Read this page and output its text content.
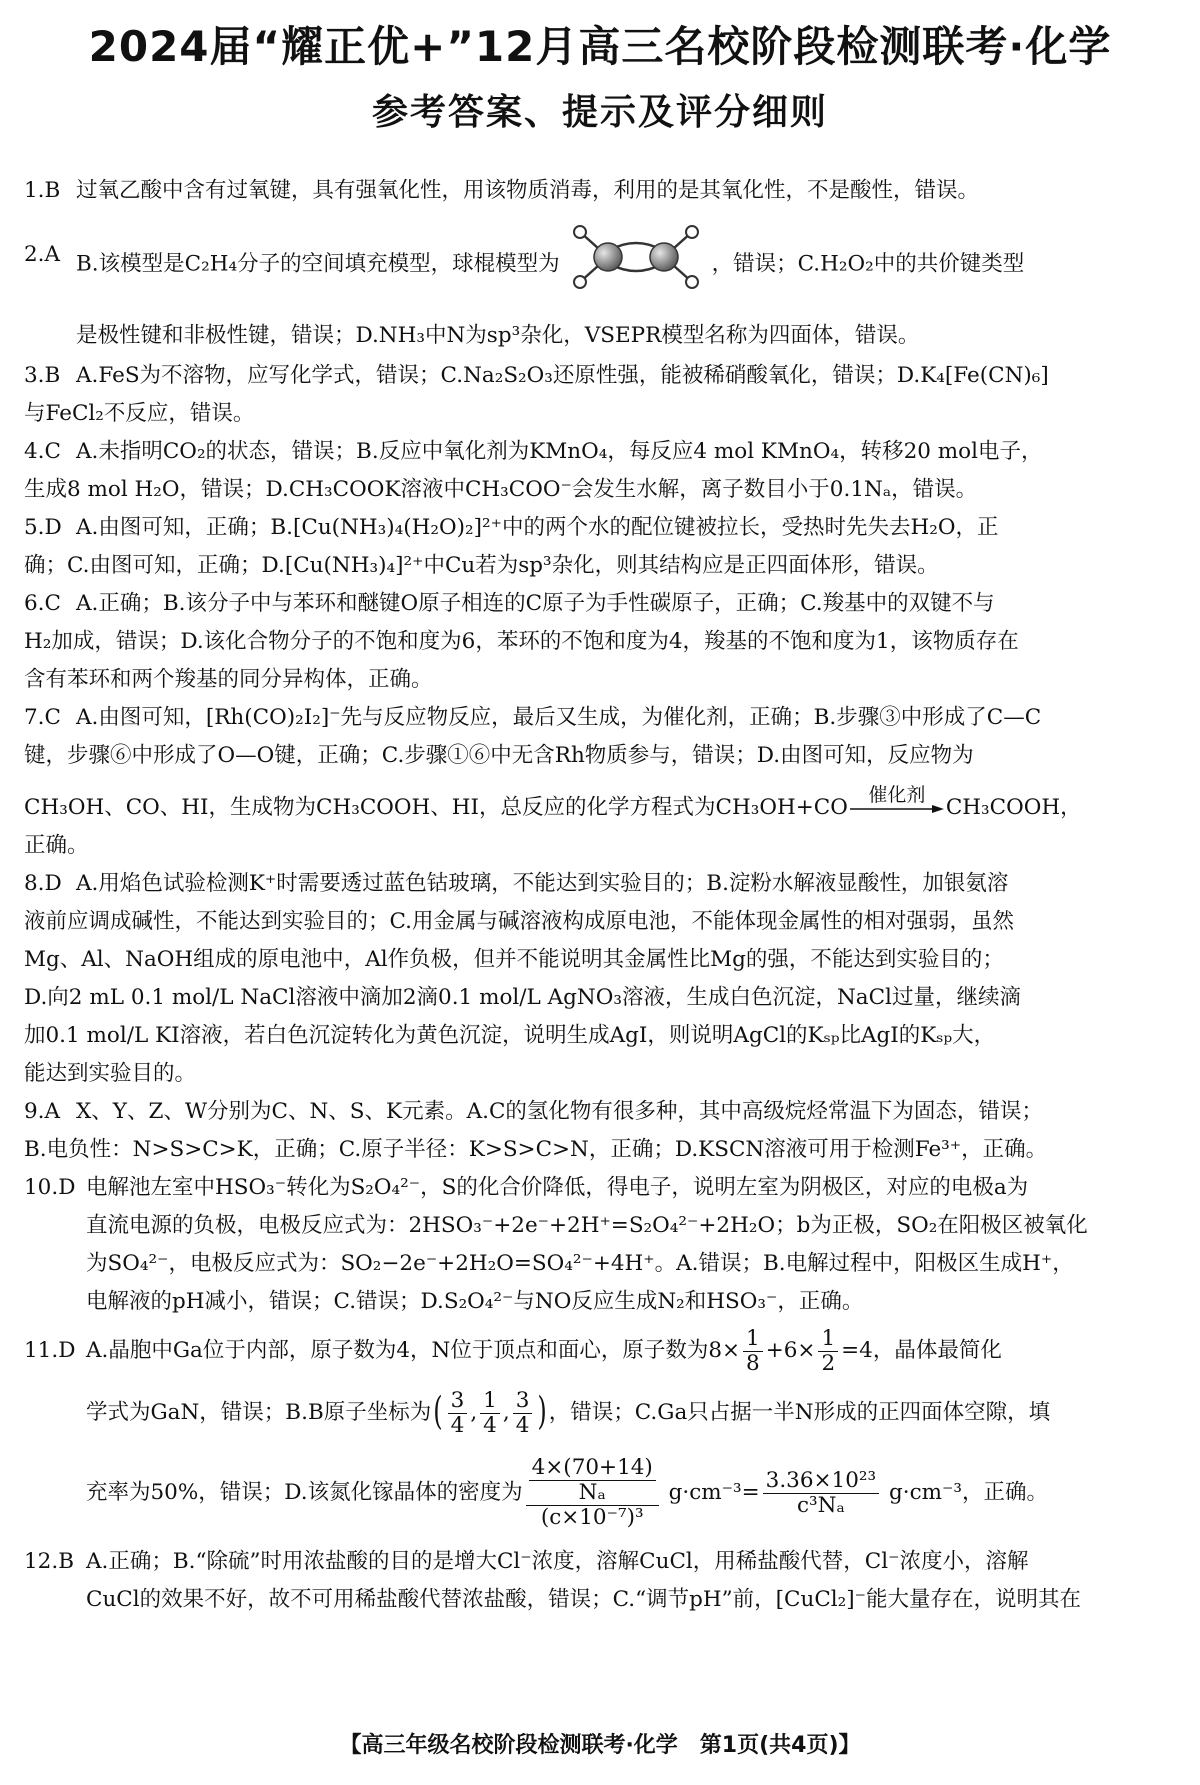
2024届“耀正优+”12月高三名校阶段检测联考·化学
参考答案、提示及评分细则
1.B 过氧乙酸中含有过氧键，具有强氧化性，用该物质消毒，利用的是其氧化性，不是酸性，错误。
2.A B.该模型是C₂H₄分子的空间填充模型，球棍模型为	，错误；C.H₂O₂中的共价键类型
是极性键和非极性键，错误；D.NH₃中N为sp³杂化，VSEPR模型名称为四面体，错误。
3.B A.FeS为不溶物，应写化学式，错误；C.Na₂S₂O₃还原性强，能被稀硝酸氧化，错误；D.K₄[Fe(CN)₆]
与FeCl₂不反应，错误。
4.C A.未指明CO₂的状态，错误；B.反应中氧化剂为KMnO₄，每反应4 mol KMnO₄，转移20 mol电子，
生成8 mol H₂O，错误；D.CH₃COOK溶液中CH₃COO⁻会发生水解，离子数目小于0.1Nₐ，错误。
5.D A.由图可知，正确；B.[Cu(NH₃)₄(H₂O)₂]²⁺中的两个水的配位键被拉长，受热时先失去H₂O，正
确；C.由图可知，正确；D.[Cu(NH₃)₄]²⁺中Cu若为sp³杂化，则其结构应是正四面体形，错误。
6.C A.正确；B.该分子中与苯环和醚键O原子相连的C原子为手性碳原子，正确；C.羧基中的双键不与
H₂加成，错误；D.该化合物分子的不饱和度为6，苯环的不饱和度为4，羧基的不饱和度为1，该物质存在
含有苯环和两个羧基的同分异构体，正确。
7.C A.由图可知，[Rh(CO)₂I₂]⁻先与反应物反应，最后又生成，为催化剂，正确；B.步骤③中形成了C—C
键，步骤⑥中形成了O—O键，正确；C.步骤①⑥中无含Rh物质参与，错误；D.由图可知，反应物为
CH₃OH、CO、HI，生成物为CH₃COOH、HI，总反应的化学方程式为CH₃OH+CO	催化剂 CH₃COOH，
正确。
8.D A.用焰色试验检测K⁺时需要透过蓝色钴玻璃，不能达到实验目的；B.淀粉水解液显酸性，加银氨溶
液前应调成碱性，不能达到实验目的；C.用金属与碱溶液构成原电池，不能体现金属性的相对强弱，虽然
Mg、Al、NaOH组成的原电池中，Al作负极，但并不能说明其金属性比Mg的强，不能达到实验目的；
D.向2 mL 0.1 mol/L NaCl溶液中滴加2滴0.1 mol/L AgNO₃溶液，生成白色沉淀，NaCl过量，继续滴
加0.1 mol/L KI溶液，若白色沉淀转化为黄色沉淀，说明生成AgI，则说明AgCl的Kₛₚ比AgI的Kₛₚ大，
能达到实验目的。
9.A X、Y、Z、W分别为C、N、S、K元素。A.C的氢化物有很多种，其中高级烷烃常温下为固态，错误；
B.电负性：N>S>C>K，正确；C.原子半径：K>S>C>N，正确；D.KSCN溶液可用于检测Fe³⁺，正确。
10.D 电解池左室中HSO₃⁻转化为S₂O₄²⁻，S的化合价降低，得电子，说明左室为阴极区，对应的电极a为
直流电源的负极，电极反应式为：2HSO₃⁻+2e⁻+2H⁺=S₂O₄²⁻+2H₂O；b为正极，SO₂在阳极区被氧化
为SO₄²⁻，电极反应式为：SO₂−2e⁻+2H₂O=SO₄²⁻+4H⁺。A.错误；B.电解过程中，阳极区生成H⁺，
电解液的pH减小，错误；C.错误；D.S₂O₄²⁻与NO反应生成N₂和HSO₃⁻，正确。
11.D A.晶胞中Ga位于内部，原子数为4，N位于顶点和面心，原子数为$8\times \frac{1}{8} +6\times \frac{1}{2} =4$，晶体最简化
学式为GaN，错误；B.B原子坐标为( $\frac{3}{4}$ , $\frac{1}{4}$ , $\frac{3}{4}$ )，错误；C.Ga只占据一半N形成的正四面体空隙，填
充率为50%，错误；D.该氮化镓晶体的密度为 $\frac{\frac{4\times(70+14)}{\text{Nₐ}}}{\text{(c×10⁻⁷)³}} g\cdot cm^{-3}= \frac{\text{3.36×10²³}}{\text{c³Nₐ}} g\cdot cm^{-3}$，正确。
12.B A.正确；B.“除硫”时用浓盐酸的目的是增大Cl⁻浓度，溶解CuCl，用稀盐酸代替，Cl⁻浓度小，溶解
CuCl的效果不好，故不可用稀盐酸代替浓盐酸，错误；C.“调节pH”前，[CuCl₂]⁻能大量存在，说明其在
【高三年级名校阶段检测联考·化学　第1页(共4页)】
